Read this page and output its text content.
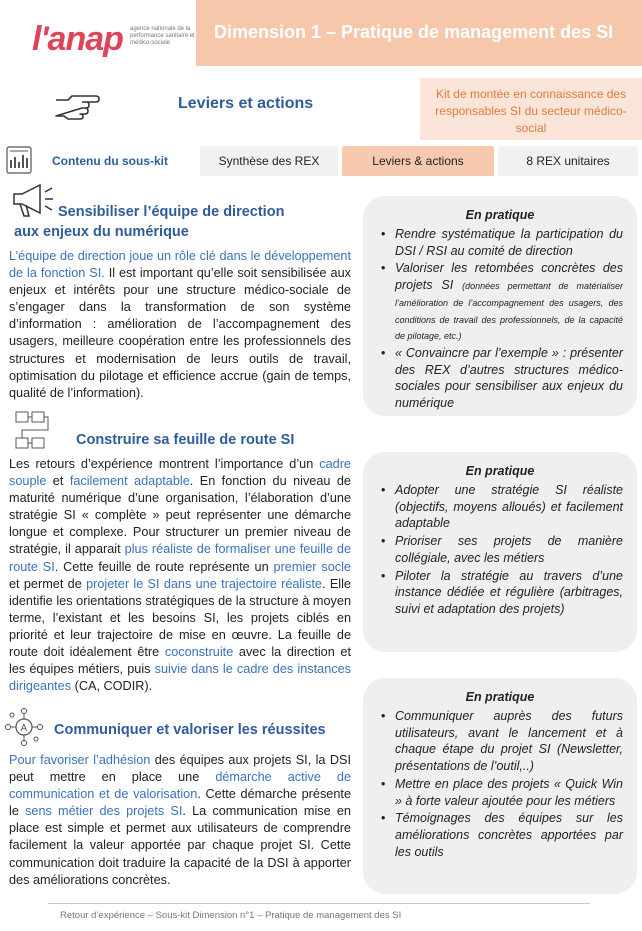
l'anap agence nationale de la performance sanitaire et médico-sociale
Dimension 1 – Pratique de management des SI
Leviers et actions
Kit de montée en connaissance des responsables SI du secteur médico-social
Contenu du sous-kit	Synthèse des REX	Leviers & actions	8 REX unitaires
Sensibiliser l’équipe de direction
aux enjeux du numérique
L’équipe de direction joue un rôle clé dans le développement de la fonction SI. Il est important qu’elle soit sensibilisée aux enjeux et intérêts pour une structure médico-sociale de s’engager dans la transformation de son système d’information : amélioration de l’accompagnement des usagers, meilleure coopération entre les professionnels des structures et modernisation de leurs outils de travail, optimisation du pilotage et efficience accrue (gain de temps, qualité de l’information).
En pratique
• Rendre systématique la participation du DSI / RSI au comité de direction
• Valoriser les retombées concrètes des projets SI (données permettant de matérialiser l’amélioration de l’accompagnement des usagers, des conditions de travail des professionnels, de la capacité de pilotage, etc.)
• « Convaincre par l’exemple » : présenter des REX d’autres structures médico-sociales pour sensibiliser aux enjeux du numérique
Construire sa feuille de route SI
Les retours d’expérience montrent l’importance d’un cadre souple et facilement adaptable. En fonction du niveau de maturité numérique d’une organisation, l’élaboration d’une stratégie SI « complète » peut représenter une démarche longue et complexe. Pour structurer un premier niveau de stratégie, il apparait plus réaliste de formaliser une feuille de route SI. Cette feuille de route représente un premier socle et permet de projeter le SI dans une trajectoire réaliste. Elle identifie les orientations stratégiques de la structure à moyen terme, l’existant et les besoins SI, les projets ciblés en priorité et leur trajectoire de mise en œuvre. La feuille de route doit idéalement être coconstruite avec la direction et les équipes métiers, puis suivie dans le cadre des instances dirigeantes (CA, CODIR).
En pratique
• Adopter une stratégie SI réaliste (objectifs, moyens alloués) et facilement adaptable
• Prioriser ses projets de manière collégiale, avec les métiers
• Piloter la stratégie au travers d’une instance dédiée et régulière (arbitrages, suivi et adaptation des projets)
A Communiquer et valoriser les réussites
Pour favoriser l’adhésion des équipes aux projets SI, la DSI peut mettre en place une démarche active de communication et de valorisation. Cette démarche présente le sens métier des projets SI. La communication mise en place est simple et permet aux utilisateurs de comprendre facilement la valeur apportée par chaque projet SI. Cette communication doit traduire la capacité de la DSI à apporter des améliorations concrètes.
En pratique
• Communiquer auprès des futurs utilisateurs, avant le lancement et à chaque étape du projet SI (Newsletter, présentations de l’outil,..)
• Mettre en place des projets « Quick Win » à forte valeur ajoutée pour les métiers
• Témoignages des équipes sur les améliorations concrètes apportées par les outils
Retour d’expérience – Sous-kit Dimension n°1 – Pratique de management des SI
